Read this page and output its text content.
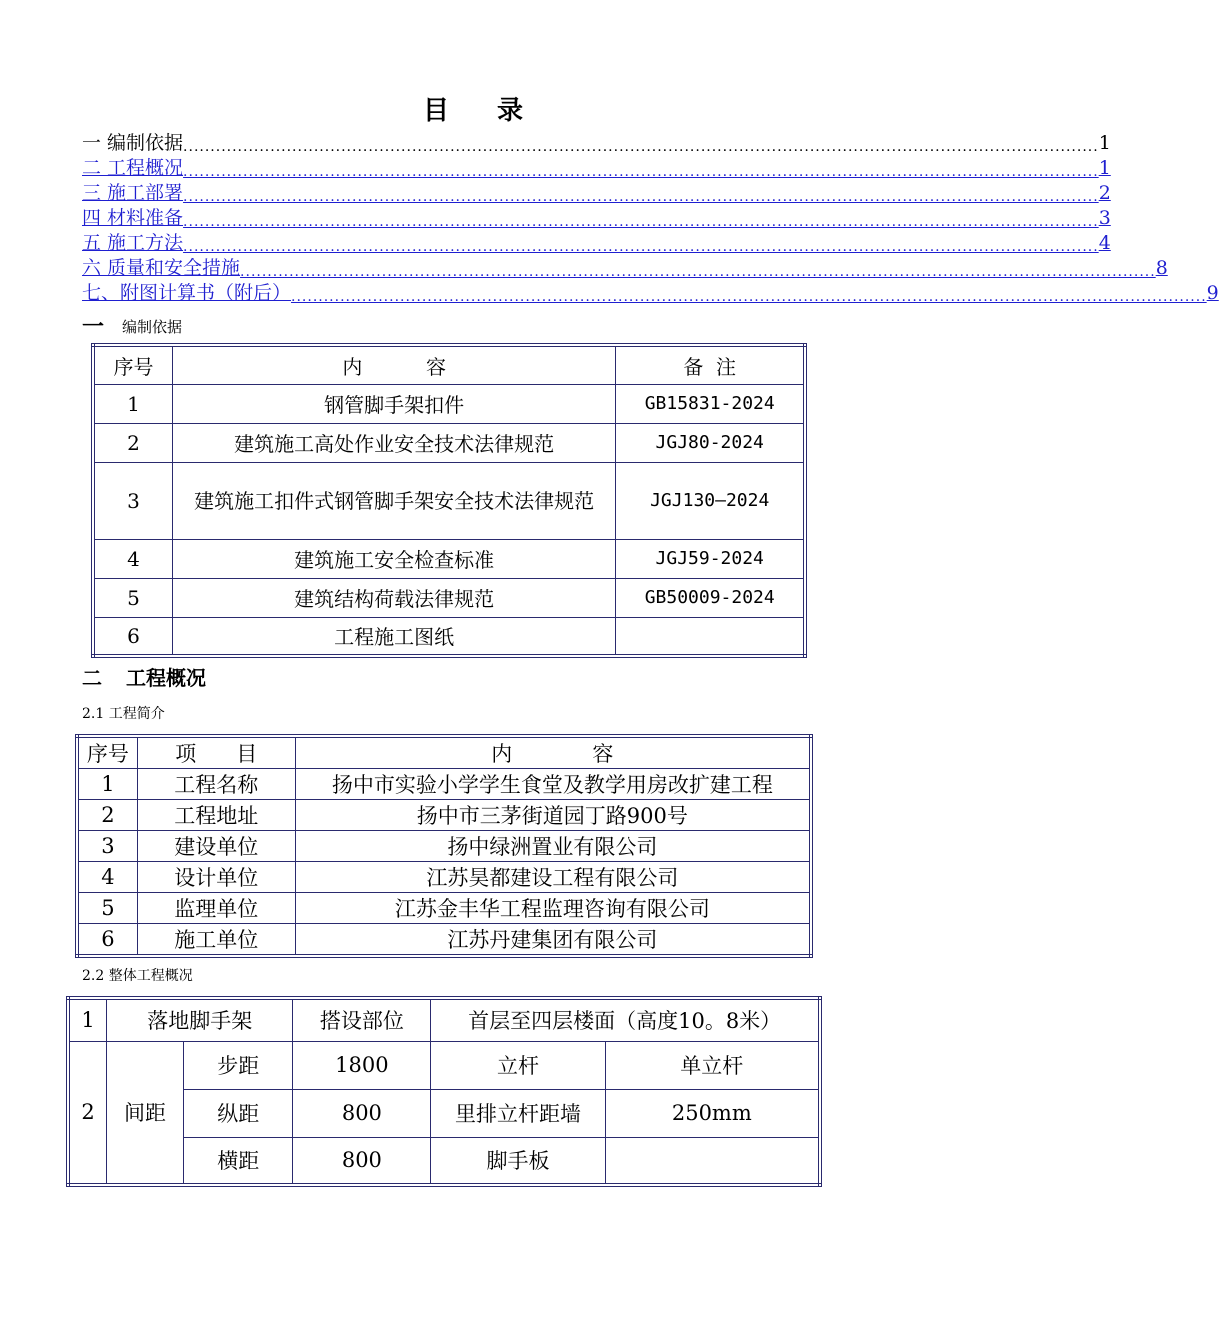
目 录
一 编制依据 ........................................................................................................................................................................ 1
二 工程概况 ........................................................................................................................................................................ 1
三 施工部署 ........................................................................................................................................................................ 2
四 材料准备 ........................................................................................................................................................................ 3
五 施工方法 ........................................................................................................................................................................ 4
六 质量和安全措施 ........................................................................................................................................................................ 8
七、附图计算书（附后） ........................................................................................................................................................................ 9
一 编制依据
序号	内          容	备  注
1	钢管脚手架扣件	GB15831-2024
2	建筑施工高处作业安全技术法律规范	JGJ80-2024
3	建筑施工扣件式钢管脚手架安全技术法律规范	JGJ130—2024
4	建筑施工安全检查标准	JGJ59-2024
5	建筑结构荷载法律规范	GB50009-2024
6	工程施工图纸	
二 工程概况
2.1 工程简介
序号	项      目	内            容
1	工程名称	扬中市实验小学学生食堂及教学用房改扩建工程
2	工程地址	扬中市三茅街道园丁路900号
3	建设单位	扬中绿洲置业有限公司
4	设计单位	江苏昊都建设工程有限公司
5	监理单位	江苏金丰华工程监理咨询有限公司
6	施工单位	江苏丹建集团有限公司
2.2 整体工程概况
1	落地脚手架		搭设部位	首层至四层楼面（高度10。8米）	
2	间距	步距	1800	立杆	单立杆
		纵距	800	里排立杆距墙	250mm
		横距	800	脚手板	
